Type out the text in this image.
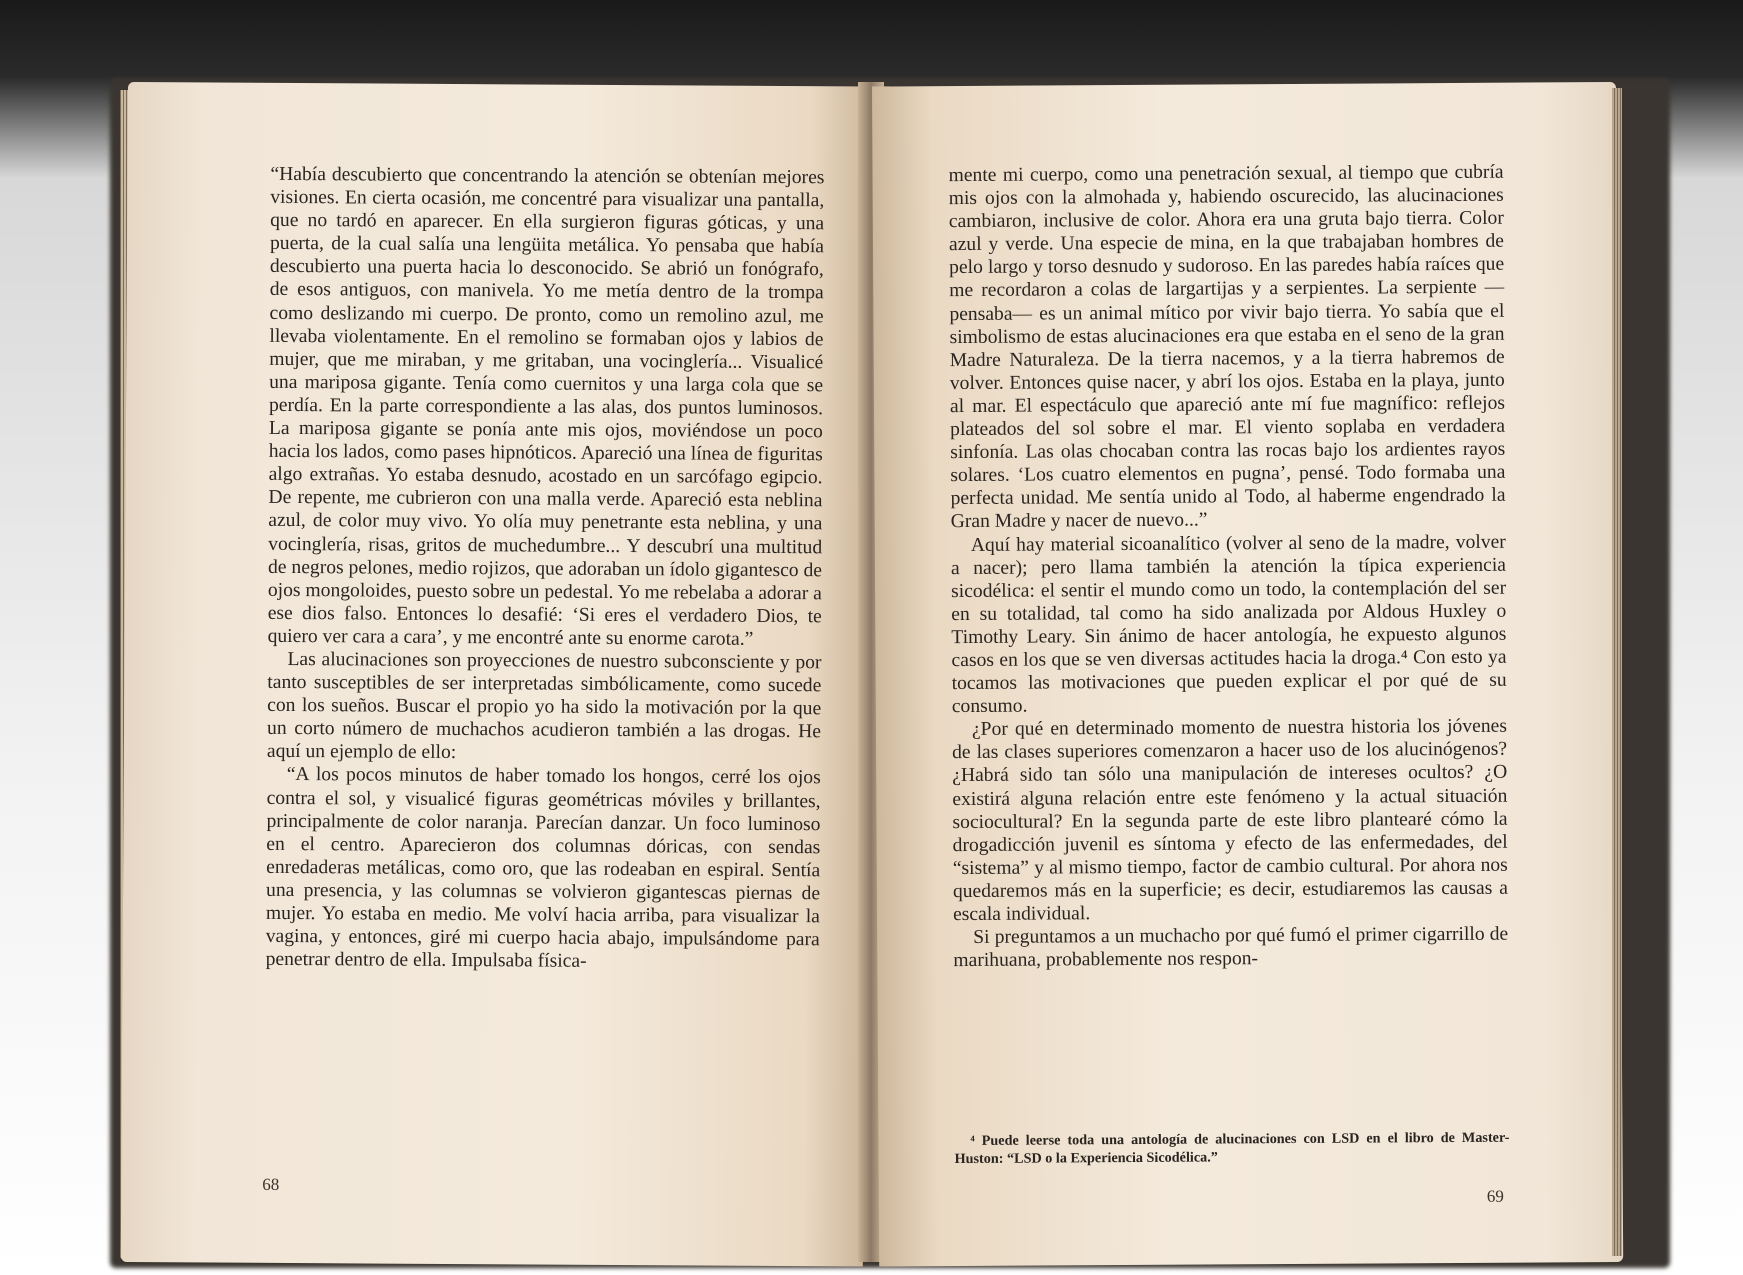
“Había descubierto que concentrando la atención se obtenían mejores visiones. En cierta ocasión, me concentré para visualizar una pantalla, que no tardó en aparecer. En ella surgieron figuras góticas, y una puerta, de la cual salía una lengüita metálica. Yo pensaba que había descubierto una puerta hacia lo desconocido. Se abrió un fonógrafo, de esos antiguos, con manivela. Yo me metía dentro de la trompa como deslizando mi cuerpo. De pronto, como un remolino azul, me llevaba violentamente. En el remolino se formaban ojos y labios de mujer, que me miraban, y me gritaban, una vocinglería... Visualicé una mariposa gigante. Tenía como cuernitos y una larga cola que se perdía. En la parte correspondiente a las alas, dos puntos luminosos. La mariposa gigante se ponía ante mis ojos, moviéndose un poco hacia los lados, como pases hipnóticos. Apareció una línea de figuritas algo extrañas. Yo estaba desnudo, acostado en un sarcófago egipcio. De repente, me cubrieron con una malla verde. Apareció esta neblina azul, de color muy vivo. Yo olía muy penetrante esta neblina, y una vocinglería, risas, gritos de muchedumbre... Y descubrí una multitud de negros pelones, medio rojizos, que adoraban un ídolo gigantesco de ojos mongoloides, puesto sobre un pedestal. Yo me rebelaba a adorar a ese dios falso. Entonces lo desafié: ‘Si eres el verdadero Dios, te quiero ver cara a cara’, y me encontré ante su enorme carota.”

Las alucinaciones son proyecciones de nuestro subconsciente y por tanto susceptibles de ser interpretadas simbólicamente, como sucede con los sueños. Buscar el propio yo ha sido la motivación por la que un corto número de muchachos acudieron también a las drogas. He aquí un ejemplo de ello:

“A los pocos minutos de haber tomado los hongos, cerré los ojos contra el sol, y visualicé figuras geométricas móviles y brillantes, principalmente de color naranja. Parecían danzar. Un foco luminoso en el centro. Aparecieron dos columnas dóricas, con sendas enredaderas metálicas, como oro, que las rodeaban en espiral. Sentía una presencia, y las columnas se volvieron gigantescas piernas de mujer. Yo estaba en medio. Me volví hacia arriba, para visualizar la vagina, y entonces, giré mi cuerpo hacia abajo, impulsándome para penetrar dentro de ella. Impulsaba física-

68

mente mi cuerpo, como una penetración sexual, al tiempo que cubría mis ojos con la almohada y, habiendo oscurecido, las alucinaciones cambiaron, inclusive de color. Ahora era una gruta bajo tierra. Color azul y verde. Una especie de mina, en la que trabajaban hombres de pelo largo y torso desnudo y sudoroso. En las paredes había raíces que me recordaron a colas de largartijas y a serpientes. La serpiente —pensaba— es un animal mítico por vivir bajo tierra. Yo sabía que el simbolismo de estas alucinaciones era que estaba en el seno de la gran Madre Naturaleza. De la tierra nacemos, y a la tierra habremos de volver. Entonces quise nacer, y abrí los ojos. Estaba en la playa, junto al mar. El espectáculo que apareció ante mí fue magnífico: reflejos plateados del sol sobre el mar. El viento soplaba en verdadera sinfonía. Las olas chocaban contra las rocas bajo los ardientes rayos solares. ‘Los cuatro elementos en pugna’, pensé. Todo formaba una perfecta unidad. Me sentía unido al Todo, al haberme engendrado la Gran Madre y nacer de nuevo...”

Aquí hay material sicoanalítico (volver al seno de la madre, volver a nacer); pero llama también la atención la típica experiencia sicodélica: el sentir el mundo como un todo, la contemplación del ser en su totalidad, tal como ha sido analizada por Aldous Huxley o Timothy Leary. Sin ánimo de hacer antología, he expuesto algunos casos en los que se ven diversas actitudes hacia la droga.⁴ Con esto ya tocamos las motivaciones que pueden explicar el por qué de su consumo.

¿Por qué en determinado momento de nuestra historia los jóvenes de las clases superiores comenzaron a hacer uso de los alucinógenos? ¿Habrá sido tan sólo una manipulación de intereses ocultos? ¿O existirá alguna relación entre este fenómeno y la actual situación sociocultural? En la segunda parte de este libro plantearé cómo la drogadicción juvenil es síntoma y efecto de las enfermedades, del “sistema” y al mismo tiempo, factor de cambio cultural. Por ahora nos quedaremos más en la superficie; es decir, estudiaremos las causas a escala individual.

Si preguntamos a un muchacho por qué fumó el primer cigarrillo de marihuana, probablemente nos respon-

⁴ Puede leerse toda una antología de alucinaciones con LSD en el libro de Master-Huston: “LSD o la Experiencia Sicodélica.”

69
